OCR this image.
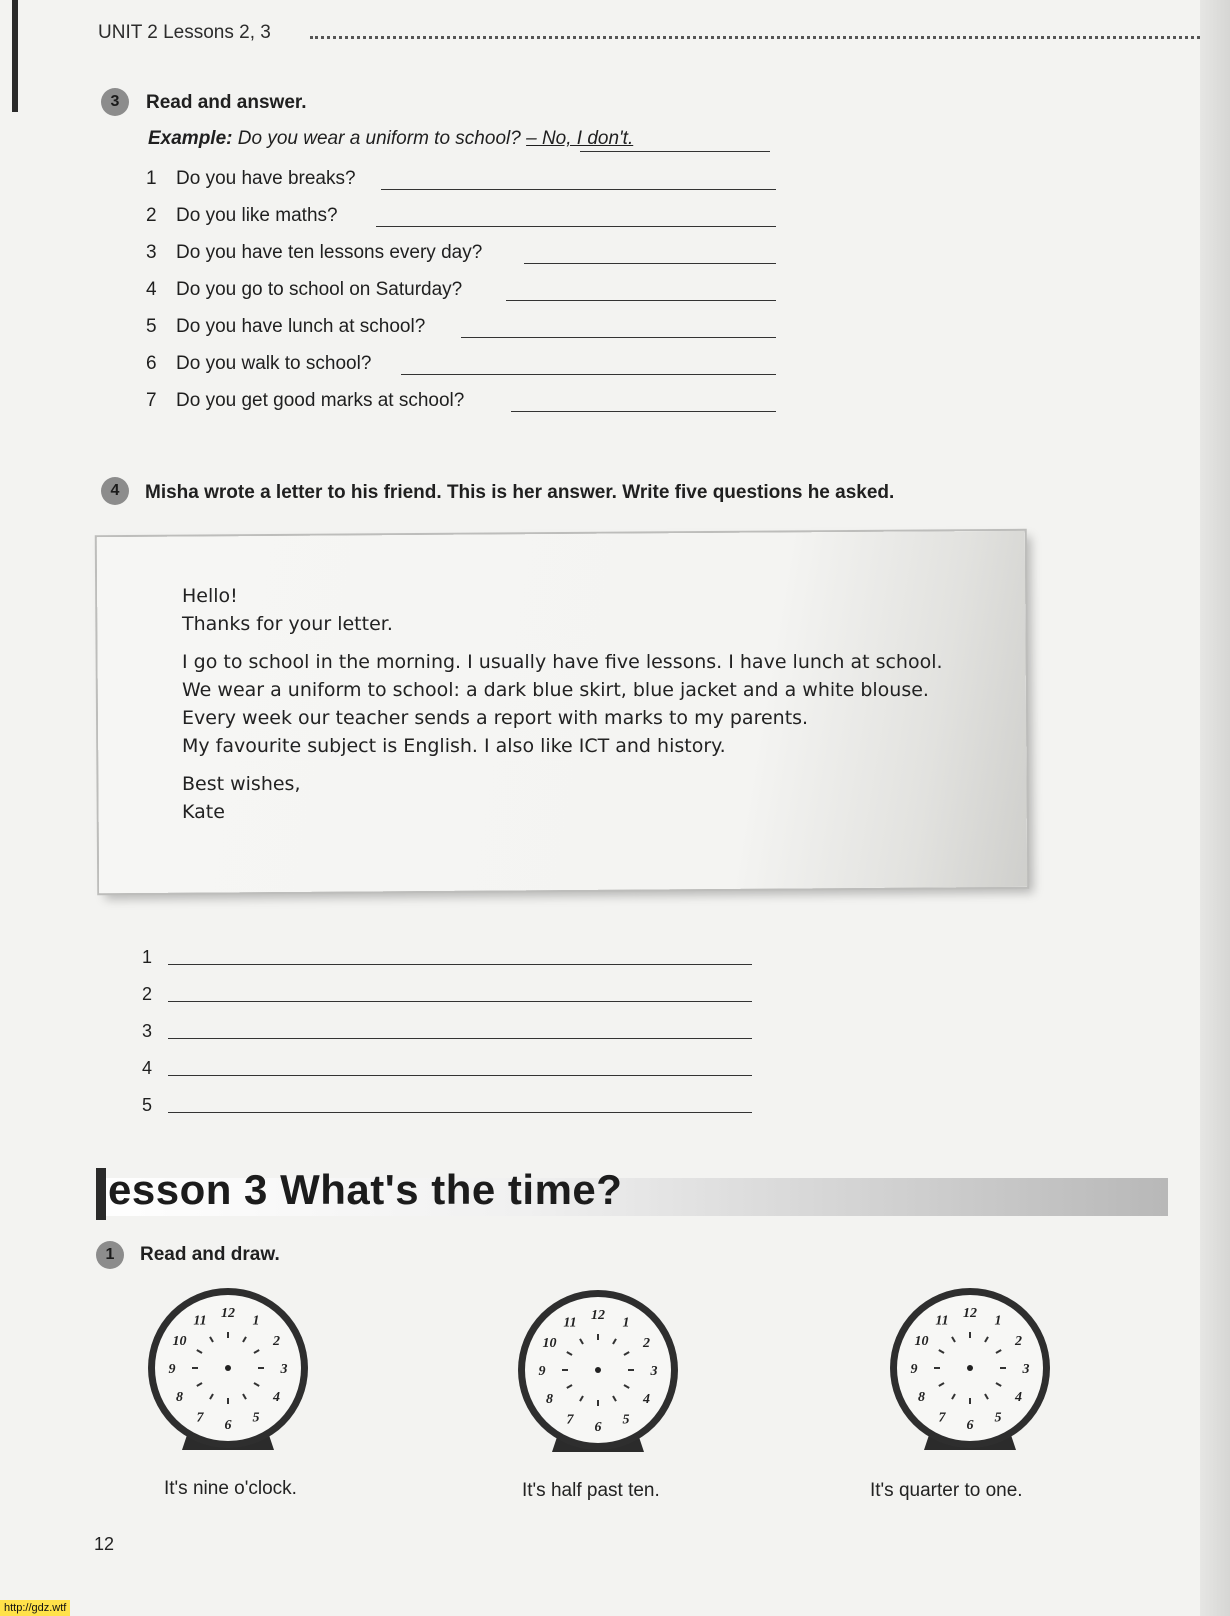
UNIT 2 Lessons 2, 3
3	Read and answer.
Example: Do you wear a uniform to school? – No, I don't.
1	Do you have breaks?
2	Do you like maths?
3	Do you have ten lessons every day?
4	Do you go to school on Saturday?
5	Do you have lunch at school?
6	Do you walk to school?
7	Do you get good marks at school?
4	Misha wrote a letter to his friend. This is her answer. Write five questions he asked.

Hello!

Thanks for your letter.

I go to school in the morning. I usually have five lessons. I have lunch at school.

We wear a uniform to school: a dark blue skirt, blue jacket and a white blouse.

Every week our teacher sends a report with marks to my parents.

My favourite subject is English. I also like ICT and history.

Best wishes,

Kate

1
2
3
4
5
esson 3 What's the time?
1	Read and draw.
12
1
2
3
4
5
6
7
8
9
10
11	12
1
2
3
4
5
6
7
8
9
10
11
12
1
2
3
4
5
6
7
8
9
10
11
It's nine o'clock.	It's half past ten.	It's quarter to one.
12
http://gdz.wtf
